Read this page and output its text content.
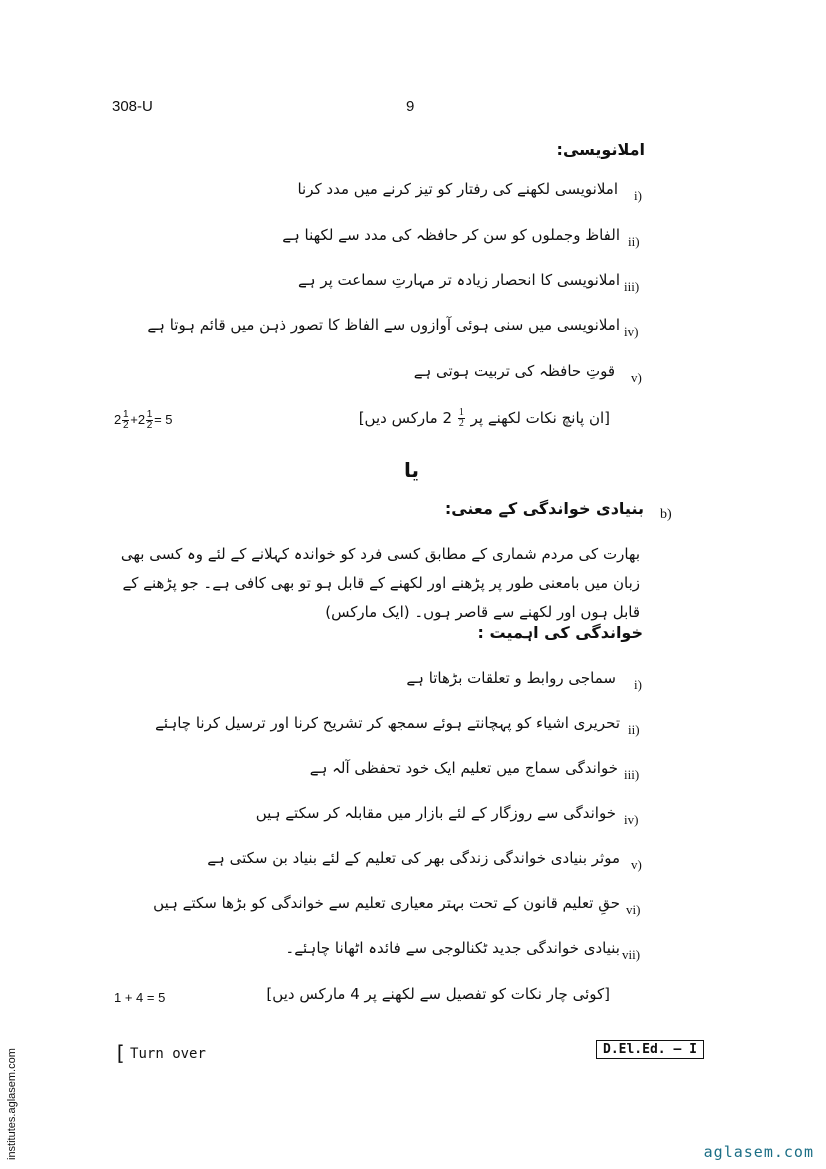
308-U	9
املانویسی:
i)
املانویسی لکھنے کی رفتار کو تیز کرنے میں مدد کرنا
ii)
الفاظ وجملوں کو سن کر حافظہ کی مدد سے لکھنا ہے
iii)
املانویسی کا انحصار زیادہ تر مہارتِ سماعت پر ہے
iv)
املانویسی میں سنی ہوئی آوازوں سے الفاظ کا تصور ذہن میں قائم ہوتا ہے
v)
قوتِ حافظہ کی تربیت ہوتی ہے
$2 \frac{1}{2} +2 \frac{1}{2} = 5$	[ان پانچ نکات لکھنے پر
$\frac{1}{2}$
2 مارکس دیں]
یا
b)
بنیادی خواندگی کے معنی:
بھارت کی مردم شماری کے مطابق کسی فرد کو خواندہ کہلانے کے لئے وہ کسی بھی زبان میں بامعنی طور پر پڑھنے اور لکھنے کے قابل ہو تو بھی کافی ہے۔ جو پڑھنے کے قابل ہوں اور لکھنے سے قاصر ہوں۔ (ایک مارکس)
خواندگی کی اہمیت :
i)
سماجی روابط و تعلقات بڑھاتا ہے
ii)
تحریری اشیاء کو پہچانتے ہوئے سمجھ کر تشریح کرنا اور ترسیل کرنا چاہئے
iii)
خواندگی سماج میں تعلیم ایک خود تحفظی آلہ ہے
iv)
خواندگی سے روزگار کے لئے بازار میں مقابلہ کر سکتے ہیں
v)
موثر بنیادی خواندگی زندگی بھر کی تعلیم کے لئے بنیاد بن سکتی ہے
vi)
حقِ تعلیم قانون کے تحت بہتر معیاری تعلیم سے خواندگی کو بڑھا سکتے ہیں
vii)
بنیادی خواندگی جدید ٹکنالوجی سے فائدہ اٹھانا چاہئے۔
1 + 4 = 5	[کوئی چار نکات کو تفصیل سے لکھنے پر 4 مارکس دیں]
[ Turn over	D.El.Ed. – I
institutes.aglasem.com	aglasem.com
